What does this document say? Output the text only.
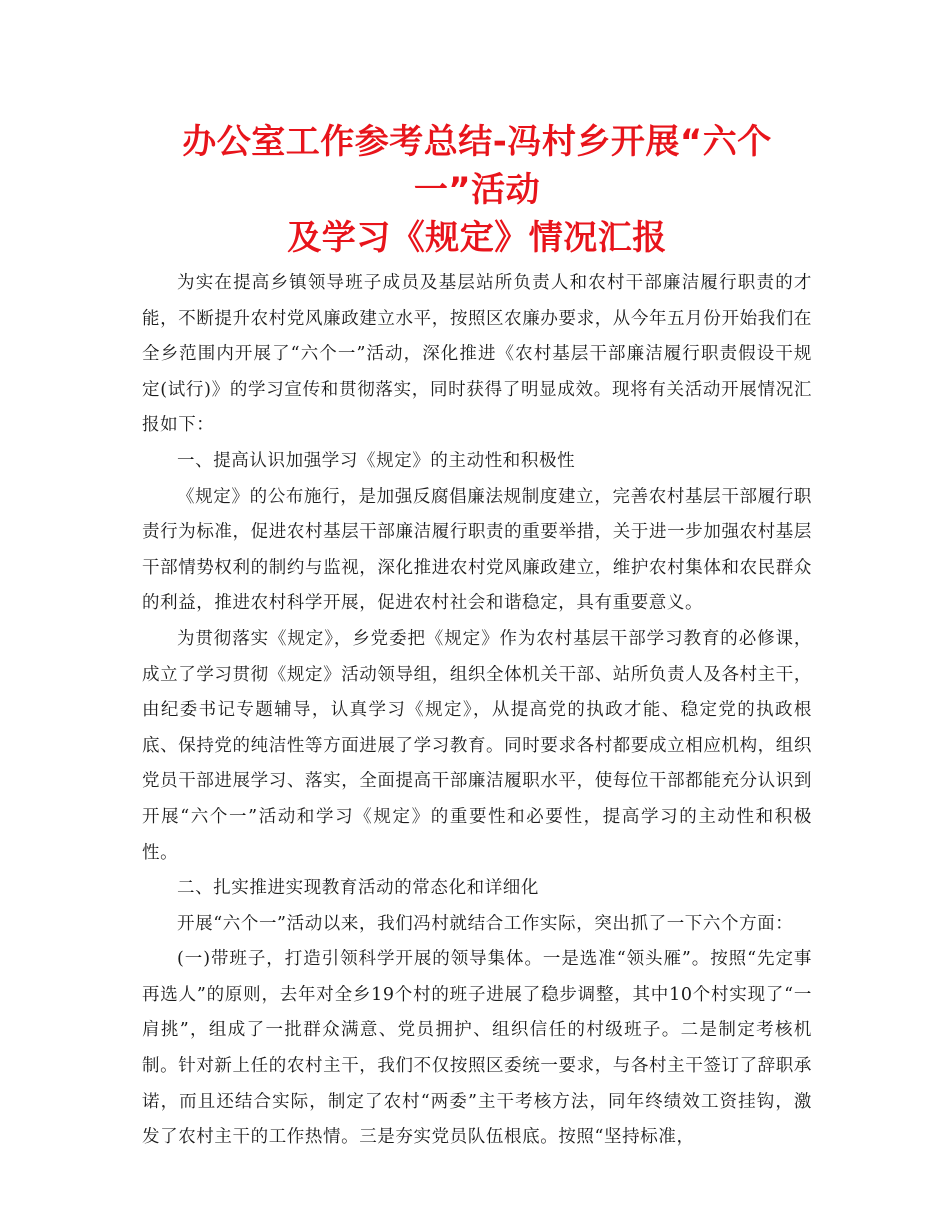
办公室工作参考总结-冯村乡开展“六个一”活动
及学习《规定》情况汇报

为实在提高乡镇领导班子成员及基层站所负责人和农村干部廉洁履行职责的才能，不断提升农村党风廉政建立水平，按照区农廉办要求，从今年五月份开始我们在全乡范围内开展了“六个一”活动，深化推进《农村基层干部廉洁履行职责假设干规定(试行)》的学习宣传和贯彻落实，同时获得了明显成效。现将有关活动开展情况汇报如下：

一、提高认识加强学习《规定》的主动性和积极性

《规定》的公布施行，是加强反腐倡廉法规制度建立，完善农村基层干部履行职责行为标准，促进农村基层干部廉洁履行职责的重要举措，关于进一步加强农村基层干部情势权利的制约与监视，深化推进农村党风廉政建立，维护农村集体和农民群众的利益，推进农村科学开展，促进农村社会和谐稳定，具有重要意义。

为贯彻落实《规定》，乡党委把《规定》作为农村基层干部学习教育的必修课，成立了学习贯彻《规定》活动领导组，组织全体机关干部、站所负责人及各村主干，由纪委书记专题辅导，认真学习《规定》，从提高党的执政才能、稳定党的执政根底、保持党的纯洁性等方面进展了学习教育。同时要求各村都要成立相应机构，组织党员干部进展学习、落实，全面提高干部廉洁履职水平，使每位干部都能充分认识到开展“六个一”活动和学习《规定》的重要性和必要性，提高学习的主动性和积极性。

二、扎实推进实现教育活动的常态化和详细化

开展“六个一”活动以来，我们冯村就结合工作实际，突出抓了一下六个方面：

(一)带班子，打造引领科学开展的领导集体。一是选准“领头雁”。按照“先定事再选人”的原则，去年对全乡19个村的班子进展了稳步调整，其中10个村实现了“一肩挑”，组成了一批群众满意、党员拥护、组织信任的村级班子。二是制定考核机制。针对新上任的农村主干，我们不仅按照区委统一要求，与各村主干签订了辞职承诺，而且还结合实际，制定了农村“两委”主干考核方法，同年终绩效工资挂钩，激发了农村主干的工作热情。三是夯实党员队伍根底。按照“坚持标准，
